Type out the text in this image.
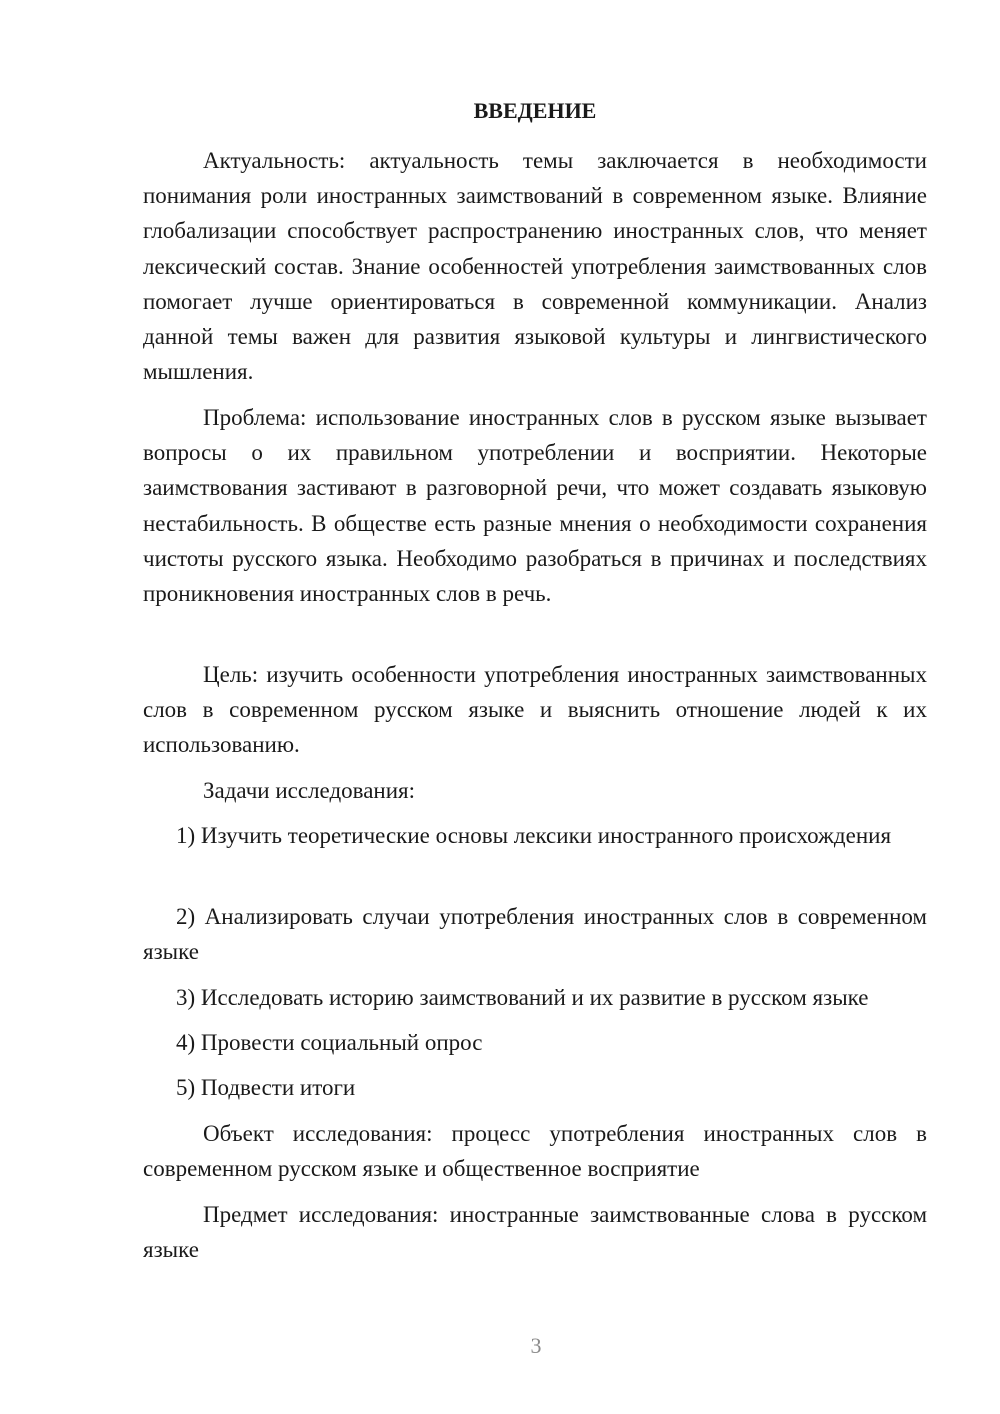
ВВЕДЕНИЕ

Актуальность: актуальность темы заключается в необходимости понимания роли иностранных заимствований в современном языке. Влияние глобализации способствует распространению иностранных слов, что меняет лексический состав. Знание особенностей употребления заимствованных слов помогает лучше ориентироваться в современной коммуникации. Анализ данной темы важен для развития языковой культуры и лингвистического мышления.

Проблема: использование иностранных слов в русском языке вызывает вопросы о их правильном употреблении и восприятии. Некоторые заимствования застивают в разговорной речи, что может создавать языковую нестабильность. В обществе есть разные мнения о необходимости сохранения чистоты русского языка. Необходимо разобраться в причинах и последствиях проникновения иностранных слов в речь.

Цель: изучить особенности употребления иностранных заимствованных слов в современном русском языке и выяснить отношение людей к их использованию.

Задачи исследования:

1) Изучить теоретические основы лексики иностранного происхождения

2) Анализировать случаи употребления иностранных слов в современном языке

3) Исследовать историю заимствований и их развитие в русском языке

4) Провести социальный опрос

5) Подвести итоги

Объект исследования: процесс употребления иностранных слов в современном русском языке и общественное восприятие

Предмет исследования: иностранные заимствованные слова в русском языке

3
